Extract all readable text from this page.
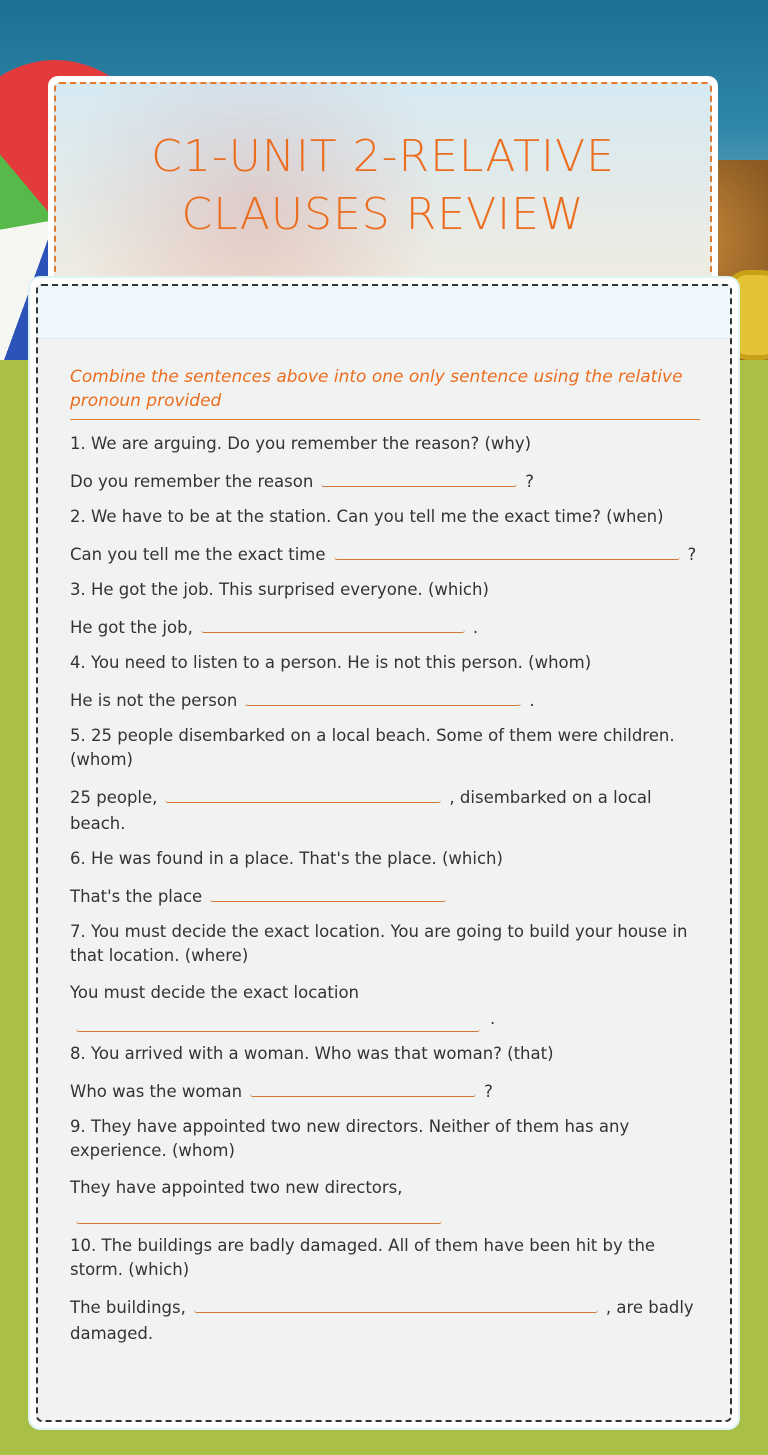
C1-UNIT 2-RELATIVE CLAUSES REVIEW
Combine the sentences above into one only sentence using the relative pronoun provided
1. We are arguing. Do you remember the reason? (why)
Do you remember the reason	?
2. We have to be at the station. Can you tell me the exact time? (when)
Can you tell me the exact time	?
3. He got the job. This surprised everyone. (which)
He got the job,	.
4. You need to listen to a person. He is not this person. (whom)
He is not the person	.
5. 25 people disembarked on a local beach. Some of them were children. (whom)
25 people,	, disembarked on a local beach.
6. He was found in a place. That's the place. (which)
That's the place
7. You must decide the exact location. You are going to build your house in that location. (where)
You must decide the exact location
.
8. You arrived with a woman. Who was that woman? (that)
Who was the woman	?
9. They have appointed two new directors. Neither of them has any experience. (whom)
They have appointed two new directors,
10. The buildings are badly damaged. All of them have been hit by the storm. (which)
The buildings,	, are badly damaged.
